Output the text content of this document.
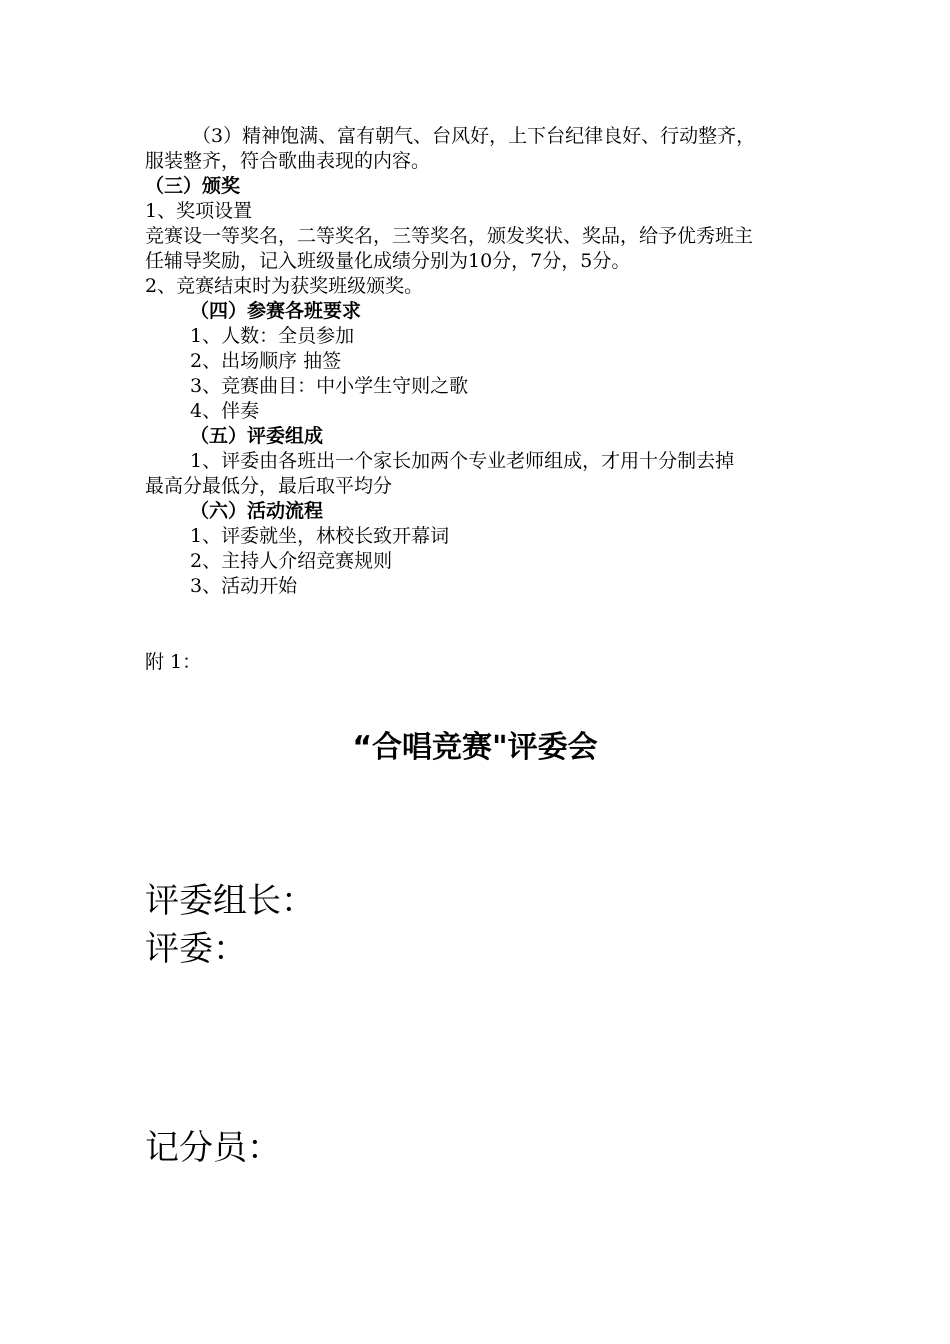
（3）精神饱满、富有朝气、台风好，上下台纪律良好、行动整齐，
服装整齐，符合歌曲表现的内容。
（三）颁奖
1、奖项设置
竞赛设一等奖名，二等奖名，三等奖名，颁发奖状、奖品，给予优秀班主
任辅导奖励，记入班级量化成绩分别为10分，7分，5分。
2、竞赛结束时为获奖班级颁奖。
（四）参赛各班要求
1、人数：全员参加
2、出场顺序 抽签
3、竞赛曲目：中小学生守则之歌
4、伴奏
（五）评委组成
1、评委由各班出一个家长加两个专业老师组成，才用十分制去掉
最高分最低分，最后取平均分
（六）活动流程
1、评委就坐，林校长致开幕词
2、主持人介绍竞赛规则
3、活动开始
附 1：
“合唱竞赛"评委会
评委组长：
评委：
记分员：
